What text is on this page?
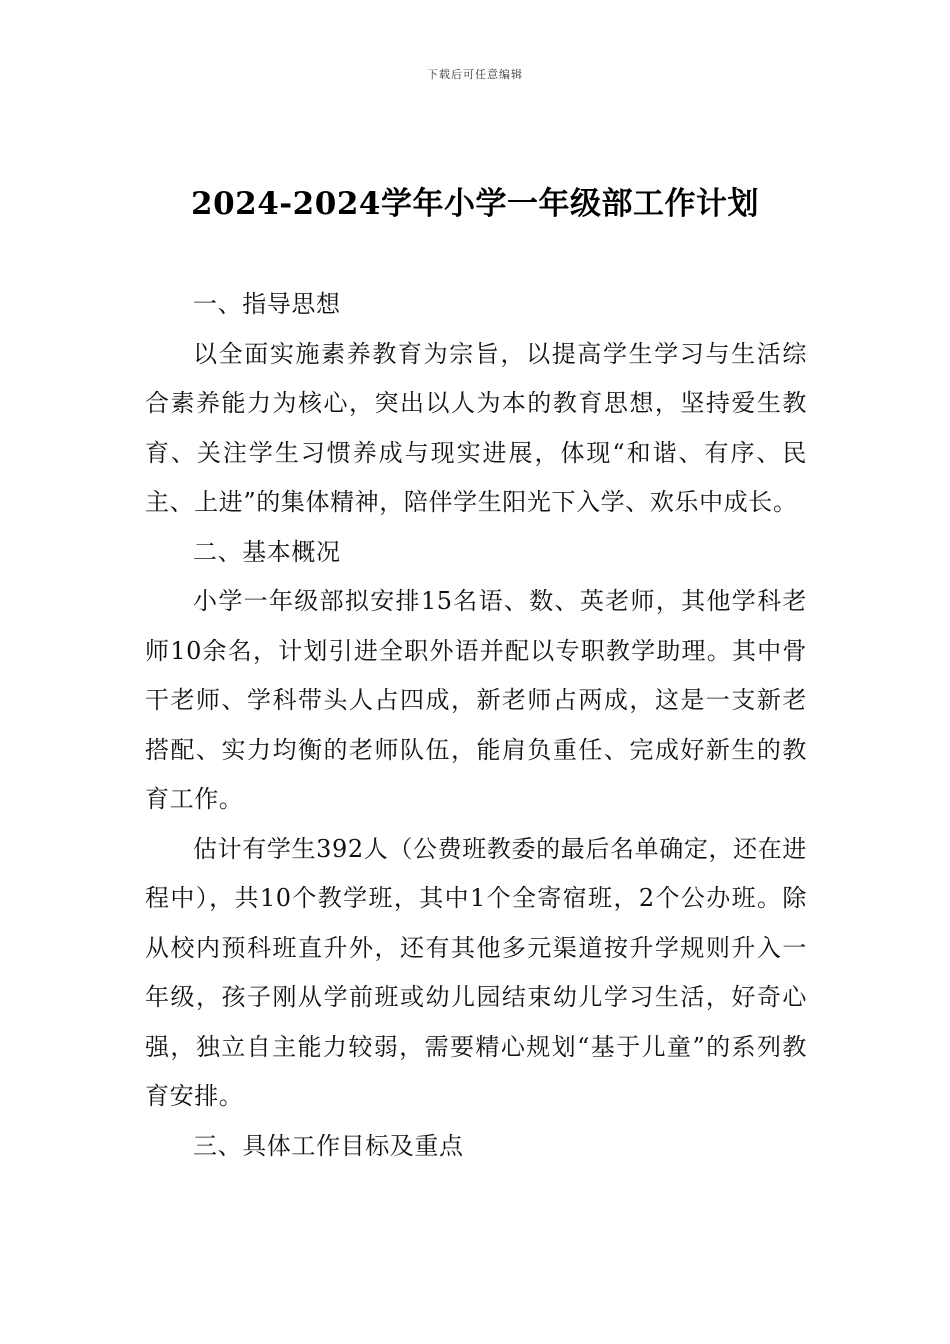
下载后可任意编辑
2024-2024学年小学一年级部工作计划

一、指导思想

以全面实施素养教育为宗旨，以提高学生学习与生活综合素养能力为核心，突出以人为本的教育思想，坚持爱生教育、关注学生习惯养成与现实进展，体现“和谐、有序、民主、上进”的集体精神，陪伴学生阳光下入学、欢乐中成长。

二、基本概况

小学一年级部拟安排15名语、数、英老师，其他学科老师10余名，计划引进全职外语并配以专职教学助理。其中骨干老师、学科带头人占四成，新老师占两成，这是一支新老搭配、实力均衡的老师队伍，能肩负重任、完成好新生的教育工作。

估计有学生392人（公费班教委的最后名单确定，还在进程中），共10个教学班，其中1个全寄宿班，2个公办班。除从校内预科班直升外，还有其他多元渠道按升学规则升入一年级，孩子刚从学前班或幼儿园结束幼儿学习生活，好奇心强，独立自主能力较弱，需要精心规划“基于儿童”的系列教育安排。

三、具体工作目标及重点
